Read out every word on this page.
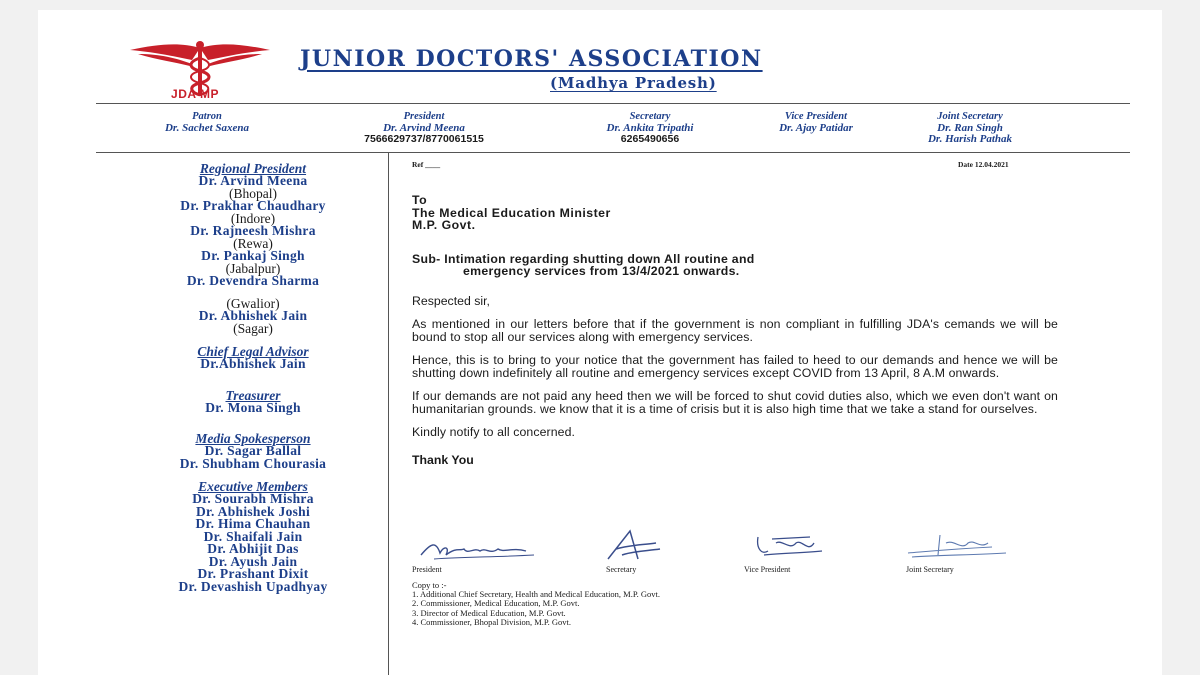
JDA MP
JUNIOR DOCTORS' ASSOCIATION
(Madhya Pradesh)
Patron
Dr. Sachet Saxena
President
Dr. Arvind Meena
7566629737/8770061515
Secretary
Dr. Ankita Tripathi
6265490656
Vice President
Dr. Ajay Patidar
Joint Secretary
Dr. Ran Singh
Dr. Harish Pathak
Regional President
Dr. Arvind Meena
(Bhopal)
Dr. Prakhar Chaudhary
(Indore)
Dr. Rajneesh Mishra
(Rewa)
Dr. Pankaj Singh
(Jabalpur)
Dr. Devendra Sharma
(Gwalior)
Dr. Abhishek Jain
(Sagar)
Chief Legal Advisor
Dr.Abhishek Jain
Treasurer
Dr. Mona Singh
Media Spokesperson
Dr. Sagar Ballal
Dr. Shubham Chourasia
Executive Members
Dr. Sourabh Mishra
Dr. Abhishek Joshi
Dr. Hima Chauhan
Dr. Shaifali Jain
Dr. Abhijit Das
Dr. Ayush Jain
Dr. Prashant Dixit
Dr. Devashish Upadhyay
Ref ____	Date 12.04.2021
To
The Medical Education Minister
M.P. Govt.
Sub- Intimation regarding shutting down All routine and
emergency services from 13/4/2021 onwards.
Respected sir,
As mentioned in our letters before that if the government is non compliant in fulfilling JDA's cemands we will be bound to stop all our services along with emergency services.
Hence, this is to bring to your notice that the government has failed to heed to our demands and hence we will be shutting down indefinitely all routine and emergency services except COVID from 13 April, 8 A.M onwards.
If our demands are not paid any heed then we will be forced to shut covid duties also, which we even don't want on humanitarian grounds. we know that it is a time of crisis but it is also high time that we take a stand for ourselves.
Kindly notify to all concerned.
Thank You
President	Secretary	Vice President	Joint Secretary
Copy to :-
1. Additional Chief Secretary, Health and Medical Education, M.P. Govt.
2. Commissioner, Medical Education, M.P. Govt.
3. Director of Medical Education, M.P. Govt.
4. Commissioner, Bhopal Division, M.P. Govt.
